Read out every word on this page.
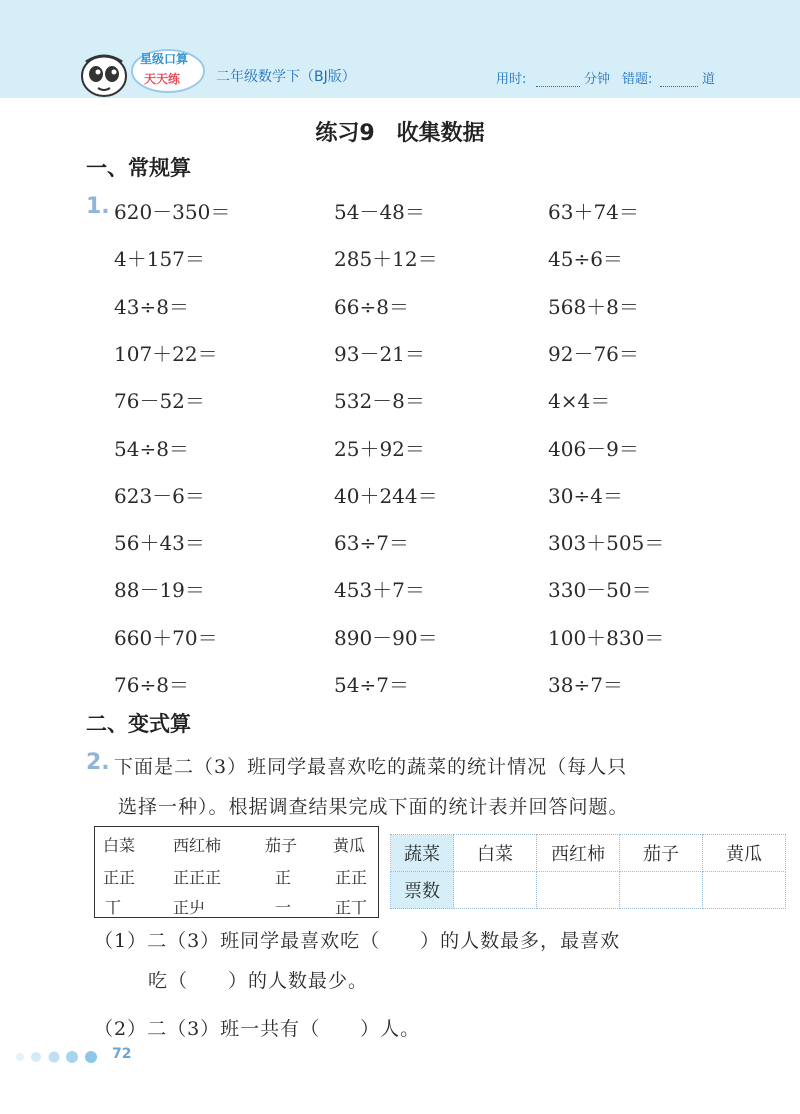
星级口算
天天练	二年级数学下（BJ版）	用时:	分钟 错题:	道
练习9　收集数据
一、常规算
1. 620－350＝	54－48＝	63＋74＝
4＋157＝	285＋12＝	45÷6＝
43÷8＝	66÷8＝	568＋8＝
107＋22＝	93－21＝	92－76＝
76－52＝	532－8＝	4×4＝
54÷8＝	25＋92＝	406－9＝
623－6＝	40＋244＝	30÷4＝
56＋43＝	63÷7＝	303＋505＝
88－19＝	453＋7＝	330－50＝
660＋70＝	890－90＝	100＋830＝
76÷8＝	54÷7＝	38÷7＝
二、变式算
2. 下面是二（3）班同学最喜欢吃的蔬菜的统计情况（每人只
选择一种）。根据调查结果完成下面的统计表并回答问题。
白菜 西红柿	茄子 黄瓜
正正 正正正	正	正正
丅	正䶹	一	正丅
蔬菜	白菜	西红柿	茄子	黄瓜
票数				
（1）二（3）班同学最喜欢吃（　　）的人数最多，最喜欢
吃（　　）的人数最少。
（2）二（3）班一共有（　　）人。
72
